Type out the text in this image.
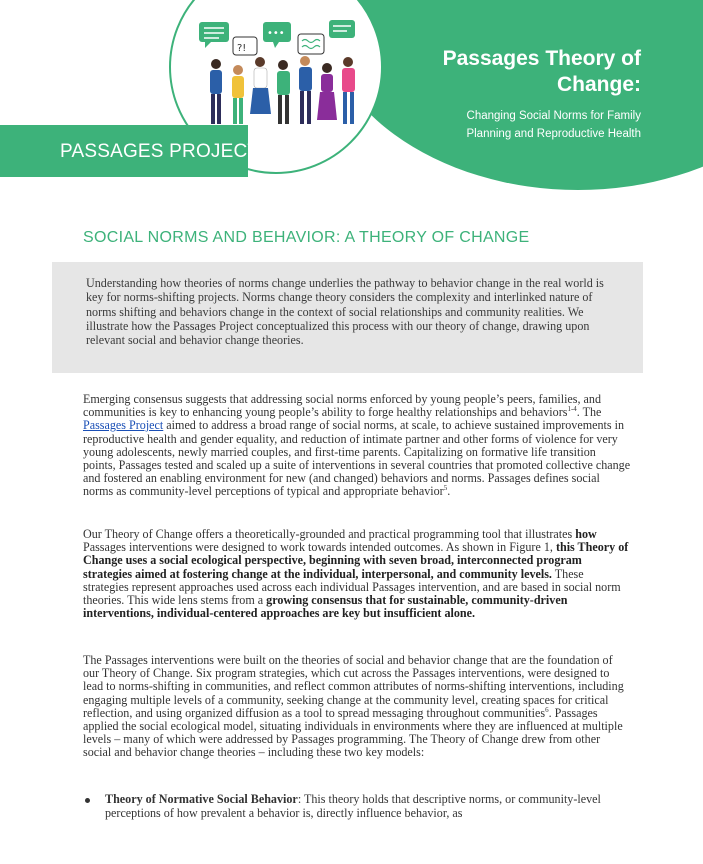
?!
•••
PASSAGES PROJECT
Passages Theory of Change:
Changing Social Norms for Family Planning and Reproductive Health
SOCIAL NORMS AND BEHAVIOR: A THEORY OF CHANGE
Understanding how theories of norms change underlies the pathway to behavior change in the real world is key for norms-shifting projects. Norms change theory considers the complexity and interlinked nature of norms shifting and behaviors change in the context of social relationships and community realities. We illustrate how the Passages Project conceptualized this process with our theory of change, drawing upon relevant social and behavior change theories.

Emerging consensus suggests that addressing social norms enforced by young people’s peers, families, and communities is key to enhancing young people’s ability to forge healthy relationships and behaviors$^{1-4}$. The Passages Project aimed to address a broad range of social norms, at scale, to achieve sustained improvements in reproductive health and gender equality, and reduction of intimate partner and other forms of violence for very young adolescents, newly married couples, and first-time parents. Capitalizing on formative life transition points, Passages tested and scaled up a suite of interventions in several countries that promoted collective change and fostered an enabling environment for new (and changed) behaviors and norms. Passages defines social norms as community-level perceptions of typical and appropriate behavior$^5$.

Our Theory of Change offers a theoretically-grounded and practical programming tool that illustrates how Passages interventions were designed to work towards intended outcomes. As shown in Figure 1, this Theory of Change uses a social ecological perspective, beginning with seven broad, interconnected program strategies aimed at fostering change at the individual, interpersonal, and community levels. These strategies represent approaches used across each individual Passages intervention, and are based in social norm theories. This wide lens stems from a growing consensus that for sustainable, community-driven interventions, individual-centered approaches are key but insufficient alone.

The Passages interventions were built on the theories of social and behavior change that are the foundation of our Theory of Change. Six program strategies, which cut across the Passages interventions, were designed to lead to norms-shifting in communities, and reflect common attributes of norms-shifting interventions, including engaging multiple levels of a community, seeking change at the community level, creating spaces for critical reflection, and using organized diffusion as a tool to spread messaging throughout communities$^6$. Passages applied the social ecological model, situating individuals in environments where they are influenced at multiple levels – many of which were addressed by Passages programming. The Theory of Change drew from other social and behavior change theories – including these two key models:

Theory of Normative Social Behavior: This theory holds that descriptive norms, or community-level perceptions of how prevalent a behavior is, directly influence behavior, as
